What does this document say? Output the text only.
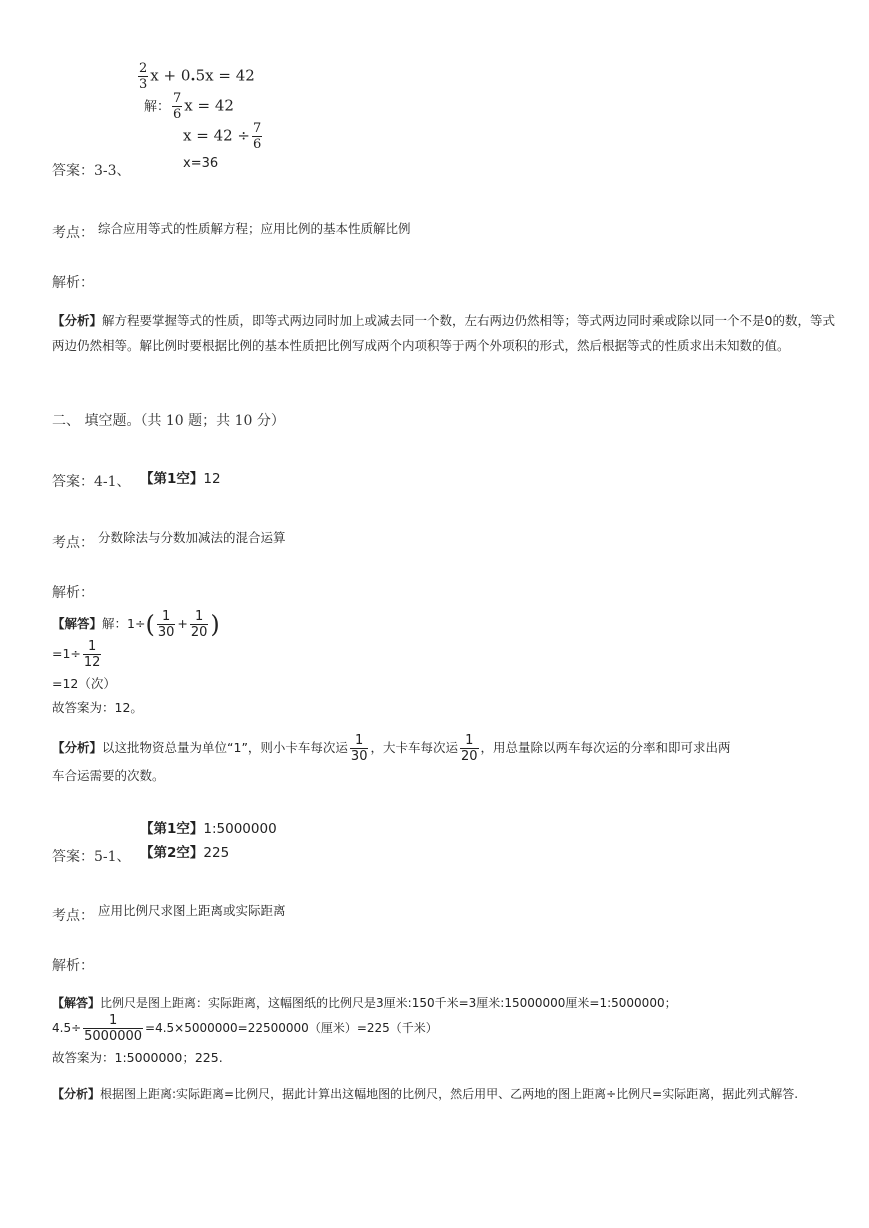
$\frac{2}{3}$ x + 0.5x = 42
解： $\frac{7}{6}$ x = 42
$x = 42 \div \frac{7}{6}$
x=36
答案：3-3、
考点： 综合应用等式的性质解方程；应用比例的基本性质解比例
解析：
【分析】解方程要掌握等式的性质，即等式两边同时加上或减去同一个数，左右两边仍然相等；等式两边同时乘或除以同一个不是0的数，等式两边仍然相等。解比例时要根据比例的基本性质把比例写成两个内项积等于两个外项积的形式，然后根据等式的性质求出未知数的值。
二、 填空题。（共 10 题；共 10 分）
答案：4-1、 【第1空】12
考点： 分数除法与分数加减法的混合运算
解析：
【解答】解：$1\div( \frac{1}{30} + \frac{1}{20}$ )
$=1\div \frac{1}{12}$
=12（次）
故答案为：12。
【分析】以这批物资总量为单位“1”，则小卡车每次运 $\frac{1}{30}$ ，大卡车每次运 $\frac{1}{20}$ ，用总量除以两车每次运的分率和即可求出两
车合运需要的次数。
【第1空】1:5000000
答案：5-1、 【第2空】225
考点： 应用比例尺求图上距离或实际距离
解析：
【解答】比例尺是图上距离：实际距离，这幅图纸的比例尺是3厘米:150千米=3厘米:15000000厘米=1:5000000；
$4.5\div \frac{1}{5000000} =4.5\times 5000000=22500000$（厘米）=225（千米）
故答案为：1:5000000；225.
【分析】根据图上距离:实际距离=比例尺，据此计算出这幅地图的比例尺，然后用甲、乙两地的图上距离÷比例尺=实际距离，据此列式解答.
